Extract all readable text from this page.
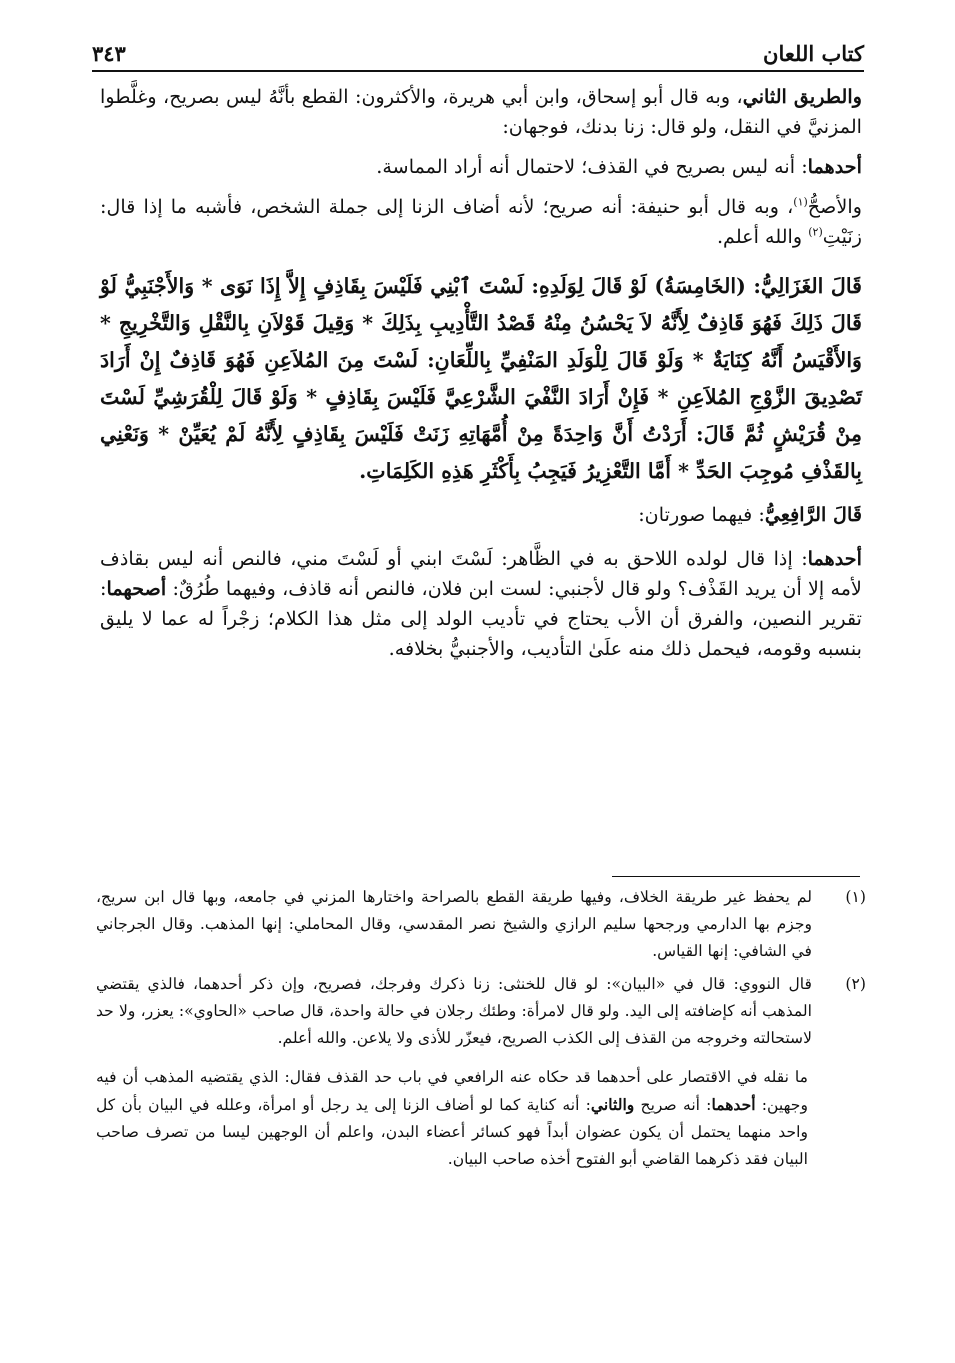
كتاب اللعان
٣٤٣

والطريق الثاني، وبه قال أبو إسحاق، وابن أبي هريرة، والأكثرون: القطع بأنَّهُ ليس بصريح، وغلَّطوا المزنيَّ في النقل، ولو قال: زنا بدنك، فوجهان:

أحدهما: أنه ليس بصريح في القذف؛ لاحتمال أنه أراد المماسة.

والأصحُّ$^{(١)}$، وبه قال أبو حنيفة: أنه صريح؛ لأنه أضاف الزنا إلى جملة الشخص، فأشبه ما إذا قال: زنَيْتِ$^{(٢)}$ والله أعلم.

قَالَ الغَزَالِيُّ: (الخَامِسَةُ) لَوْ قَالَ لِوَلَدِهِ: لَسْتَ ٱبْنِي فَلَيْسَ بِقَاذِفٍ إِلاَّ إِذَا نَوَى * وَالأَجْنَبِيُّ لَوْ قَالَ ذَلِكَ فَهُوَ قَاذِفٌ لِأَنَّهُ لاَ يَحْسُنُ مِنْهُ قَصْدُ التَّأْدِيبِ بِذَلِكَ * وَقِيلَ قَوْلاَنِ بِالنَّقْلِ وَالتَّخْرِيجِ * وَالأَقْيَسُ أَنَّهُ كِنَايَةٌ * وَلَوْ قَالَ لِلْوَلَدِ المَنْفِيِّ بِاللِّعَانِ: لَسْتَ مِنَ المُلاَعِنِ فَهُوَ قَاذِفٌ إِنْ أَرَادَ تَصْدِيقَ الزَّوْجِ المُلاَعِنِ * فَإِنْ أَرَادَ النَّفْيَ الشَّرْعِيَّ فَلَيْسَ بِقَاذِفٍ * وَلَوْ قَالَ لِلْقُرَشِيِّ لَسْتَ مِنْ قُرَيْشٍ ثُمَّ قَالَ: أَرَدْتُ أَنَّ وَاحِدَةً مِنْ أُمَّهَاتِهِ زَنَتْ فَلَيْسَ بِقَاذِفٍ لِأَنَّهُ لَمْ يُعَيِّنْ * وَنَعْنِي بِالقَذْفِ مُوجِبَ الحَدِّ * أَمَّا التَّعْزِيرُ فَيَجِبُ بِأَكْثَرِ هَذِهِ الكَلِمَاتِ.

قَالَ الرَّافِعِيُّ: فيهما صورتان:

أحدهما: إذا قال لولده اللاحق به في الظَّاهر: لَسْتَ ابني أو لَسْتَ مني، فالنص أنه ليس بقاذف لأمه إلا أن يريد القَذْف؟ ولو قال لأجنبي: لست ابن فلان، فالنص أنه قاذف، وفيهما طُرُقٌ: أصحهما: تقرير النصين، والفرق أن الأب يحتاج في تأديب الولد إلى مثل هذا الكلام؛ زجْراً له عما لا يليق بنسبه وقومه، فيحمل ذلك منه علَىٰ التأديب، والأجنبيُّ بخلافه.

(١)
لم يحفظ غير طريقة الخلاف، وفيها طريقة القطع بالصراحة واختارها المزني في جامعه، وبها قال ابن سريج، وجزم بها الدارمي ورجحها سليم الرازي والشيخ نصر المقدسي، وقال المحاملي: إنها المذهب. وقال الجرجاني في الشافي: إنها القياس.
(٢)
قال النووي: قال في «البيان»: لو قال للخنثى: زنا ذكرك وفرجك، فصريح، وإن ذكر أحدهما، فالذي يقتضي المذهب أنه كإضافته إلى اليد. ولو قال لامرأة: وطئك رجلان في حالة واحدة، قال صاحب «الحاوي»: يعزر، ولا حد لاستحالته وخروجه من القذف إلى الكذب الصريح، فيعزّر للأذى ولا يلاعن. والله أعلم.

ما نقله في الاقتصار على أحدهما قد حكاه عنه الرافعي في باب حد القذف فقال: الذي يقتضيه المذهب أن فيه وجهين: أحدهما: أنه صريح والثاني: أنه كناية كما لو أضاف الزنا إلى يد رجل أو امرأة، وعلله في البيان بأن كل واحد منهما يحتمل أن يكون عضوان أبداً فهو كسائر أعضاء البدن، واعلم أن الوجهين ليسا من تصرف صاحب البيان فقد ذكرهما القاضي أبو الفتوح أخذه صاحب البيان.
